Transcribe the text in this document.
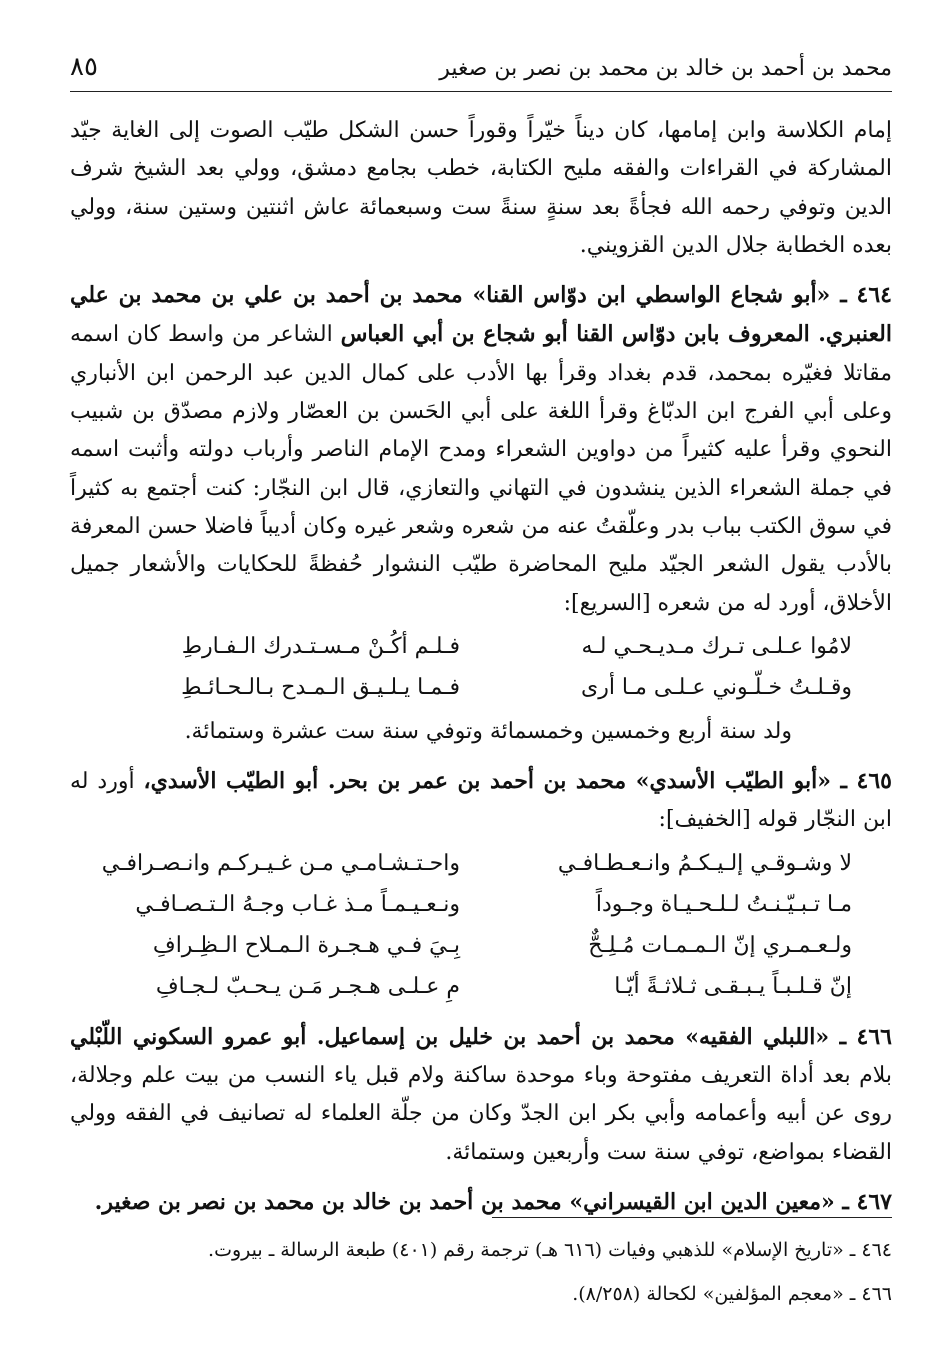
محمد بن أحمد بن خالد بن محمد بن نصر بن صغير
٨٥

إمام الكلاسة وابن إمامها، كان ديناً خيّراً وقوراً حسن الشكل طيّب الصوت إلى الغاية جيّد المشاركة في القراءات والفقه مليح الكتابة، خطب بجامع دمشق، وولي بعد الشيخ شرف الدين وتوفي رحمه الله فجأةً بعد سنةٍ سنةً ست وسبعمائة عاش اثنتين وستين سنة، وولي بعده الخطابة جلال الدين القزويني.

٤٦٤ ـ «أبو شجاع الواسطي ابن دوّاس القنا» محمد بن أحمد بن علي بن محمد بن علي العنبري. المعروف بابن دوّاس القنا أبو شجاع بن أبي العباس الشاعر من واسط كان اسمه مقاتلا فغيّره بمحمد، قدم بغداد وقرأ بها الأدب على كمال الدين عبد الرحمن ابن الأنباري وعلى أبي الفرج ابن الدبّاغ وقرأ اللغة على أبي الحَسن بن العصّار ولازم مصدّق بن شبيب النحوي وقرأ عليه كثيراً من دواوين الشعراء ومدح الإمام الناصر وأرباب دولته وأثبت اسمه في جملة الشعراء الذين ينشدون في التهاني والتعازي، قال ابن النجّار: كنت أجتمع به كثيراً في سوق الكتب بباب بدر وعلّقتُ عنه من شعره وشعر غيره وكان أديباً فاضلا حسن المعرفة بالأدب يقول الشعر الجيّد مليح المحاضرة طيّب النشوار حُفظةً للحكايات والأشعار جميل الأخلاق، أورد له من شعره [السريع]:

لامُوا عـلـى تـرك مـديـحـي لـه
فـلـم أكُـنْ مـسـتـدرك الـفـارطِ
وقـلـتُ خـلّـوني عـلـى مـا أرى
فـمـا يـلـيـق الـمـدح بـالـحـائـطِ

ولد سنة أربع وخمسين وخمسمائة وتوفي سنة ست عشرة وستمائة.

٤٦٥ ـ «أبو الطيّب الأسدي» محمد بن أحمد بن عمر بن بحر. أبو الطيّب الأسدي، أورد له ابن النجّار قوله [الخفيف]:

لا وشـوقـي إلـيـكـمُ وانـعـطـافـي
واحـتـشـامـي مـن غـيـركـم وانـصـرافـي
مـا تـبـيّـنـتُ لـلـحـيـاة وجـوداً
ونـعـيـمـاً مـذ غـاب وجـهُ الـتـصـافـي
ولـعـمـري إنّ الـمـمـات مُـلِـحٌّ
بِـيَ فـي هـجـرة الـمـلاح الـظِـرافِ
إنّ قـلـبـاً يـبـقـى ثـلاثـةً أيّـا
مِ عـلـى هـجـر مَـن يـحـبّ لـجـافِ

٤٦٦ ـ «اللبلي الفقيه» محمد بن أحمد بن خليل بن إسماعيل. أبو عمرو السكوني اللّبْلي بلام بعد أداة التعريف مفتوحة وباء موحدة ساكنة ولام قبل ياء النسب من بيت علم وجلالة، روى عن أبيه وأعمامه وأبي بكر ابن الجدّ وكان من جلّة العلماء له تصانيف في الفقه وولي القضاء بمواضع، توفي سنة ست وأربعين وستمائة.

٤٦٧ ـ «معين الدين ابن القيسراني» محمد بن أحمد بن خالد بن محمد بن نصر بن صغير.

٤٦٤ ـ «تاريخ الإسلام» للذهبي وفيات (٦١٦ هـ) ترجمة رقم (٤٠١) طبعة الرسالة ـ بيروت.

٤٦٦ ـ «معجم المؤلفين» لكحالة (٨/٢٥٨).
